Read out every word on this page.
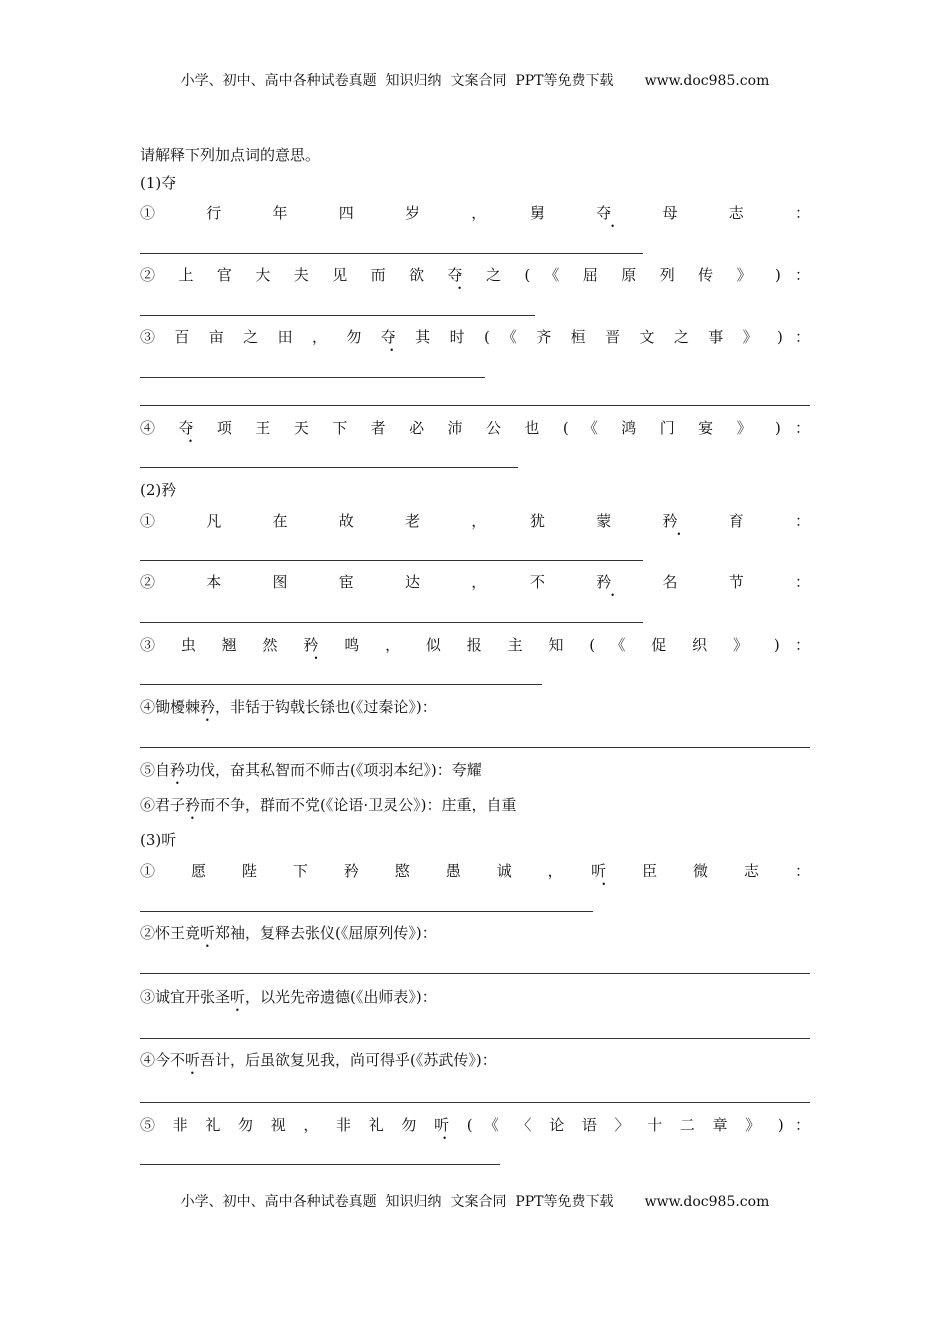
小学、初中、高中各种试卷真题  知识归纳  文案合同  PPT等免费下载       www.doc985.com
请解释下列加点词的意思。
(1)夺
①　行　年　四　岁　，　舅　夺　母　志　：
② 上 官 大 夫 见 而 欲 夺 之 ( 《 屈 原 列 传 》 ) ：
③ 百 亩 之 田 ， 勿 夺 其 时 ( 《 齐 桓 晋 文 之 事 》 ) ：
④ 夺 项 王 天 下 者 必 沛 公 也 ( 《 鸿 门 宴 》 ) ：
(2)矜
①　凡　在　故　老　，　犹　蒙　矜　育　：
②　本　图　宦　达　，　不　矜　名　节　：
③ 虫 翘 然 矜 鸣 ， 似 报 主 知 ( 《 促 织 》 ) ：
④锄櫌棘矜，非铦于钩戟长铩也(《过秦论》)：
⑤自矜功伐，奋其私智而不师古(《项羽本纪》)：夸耀
⑥君子矜而不争，群而不党(《论语·卫灵公》)：庄重，自重
(3)听
①　愿　陛　下　矜　愍　愚　诚　，　听　臣　微　志　：
②怀王竟听郑袖，复释去张仪(《屈原列传》)：
③诚宜开张圣听，以光先帝遗德(《出师表》)：
④今不听吾计，后虽欲复见我，尚可得乎(《苏武传》)：
⑤ 非 礼 勿 视 ， 非 礼 勿 听 ( 《 〈 论 语 〉 十 二 章 》 ) ：
小学、初中、高中各种试卷真题  知识归纳  文案合同  PPT等免费下载       www.doc985.com
